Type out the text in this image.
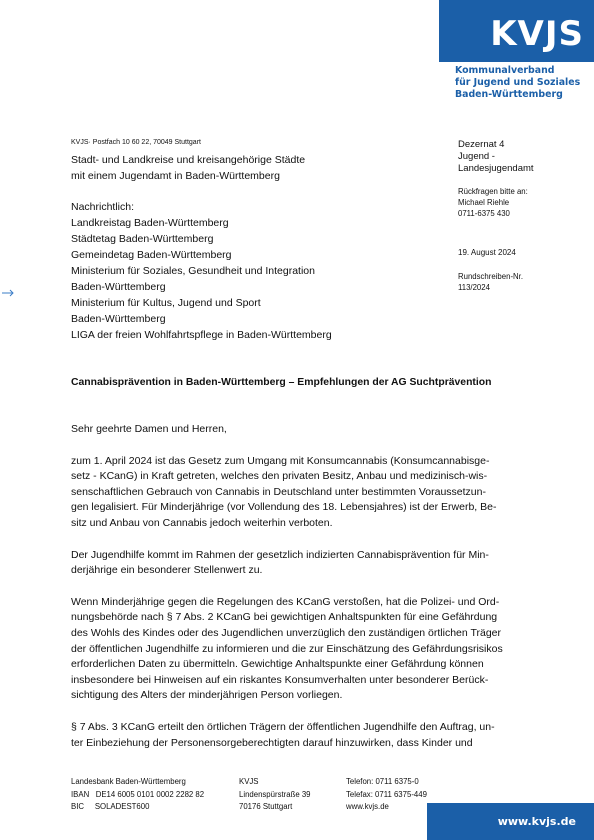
KVJS
Kommunalverband
für Jugend und Soziales
Baden-Württemberg
KVJS· Postfach 10 60 22, 70049 Stuttgart
Stadt- und Landkreise und kreisangehörige Städte
mit einem Jugendamt in Baden-Württemberg
Nachrichtlich:
Landkreistag Baden-Württemberg
Städtetag Baden-Württemberg
Gemeindetag Baden-Württemberg
Ministerium für Soziales, Gesundheit und Integration
Baden-Württemberg
Ministerium für Kultus, Jugend und Sport
Baden-Württemberg
LIGA der freien Wohlfahrtspflege in Baden-Württemberg
Dezernat 4
Jugend -
Landesjugendamt
Rückfragen bitte an:
Michael Riehle
0711-6375 430
19. August 2024
Rundschreiben-Nr.
113/2024
Cannabisprävention in Baden-Württemberg – Empfehlungen der AG Suchtprävention

Sehr geehrte Damen und Herren,

zum 1. April 2024 ist das Gesetz zum Umgang mit Konsumcannabis (Konsumcannabisge-
setz - KCanG) in Kraft getreten, welches den privaten Besitz, Anbau und medizinisch-wis-
senschaftlichen Gebrauch von Cannabis in Deutschland unter bestimmten Voraussetzun-
gen legalisiert. Für Minderjährige (vor Vollendung des 18. Lebensjahres) ist der Erwerb, Be-
sitz und Anbau von Cannabis jedoch weiterhin verboten.

Der Jugendhilfe kommt im Rahmen der gesetzlich indizierten Cannabisprävention für Min-
derjährige ein besonderer Stellenwert zu.

Wenn Minderjährige gegen die Regelungen des KCanG verstoßen, hat die Polizei- und Ord-
nungsbehörde nach § 7 Abs. 2 KCanG bei gewichtigen Anhaltspunkten für eine Gefährdung
des Wohls des Kindes oder des Jugendlichen unverzüglich den zuständigen örtlichen Träger
der öffentlichen Jugendhilfe zu informieren und die zur Einschätzung des Gefährdungsrisikos
erforderlichen Daten zu übermitteln. Gewichtige Anhaltspunkte einer Gefährdung können
insbesondere bei Hinweisen auf ein riskantes Konsumverhalten unter besonderer Berück-
sichtigung des Alters der minderjährigen Person vorliegen.

§ 7 Abs. 3 KCanG erteilt den örtlichen Trägern der öffentlichen Jugendhilfe den Auftrag, un-
ter Einbeziehung der Personensorgeberechtigten darauf hinzuwirken, dass Kinder und

Landesbank Baden-Württemberg
IBAN   DE14 6005 0101 0002 2282 82
BIC     SOLADEST600
KVJS
Lindenspürstraße 39
70176 Stuttgart
Telefon: 0711 6375-0
Telefax: 0711 6375-449
www.kvjs.de
www.kvjs.de
